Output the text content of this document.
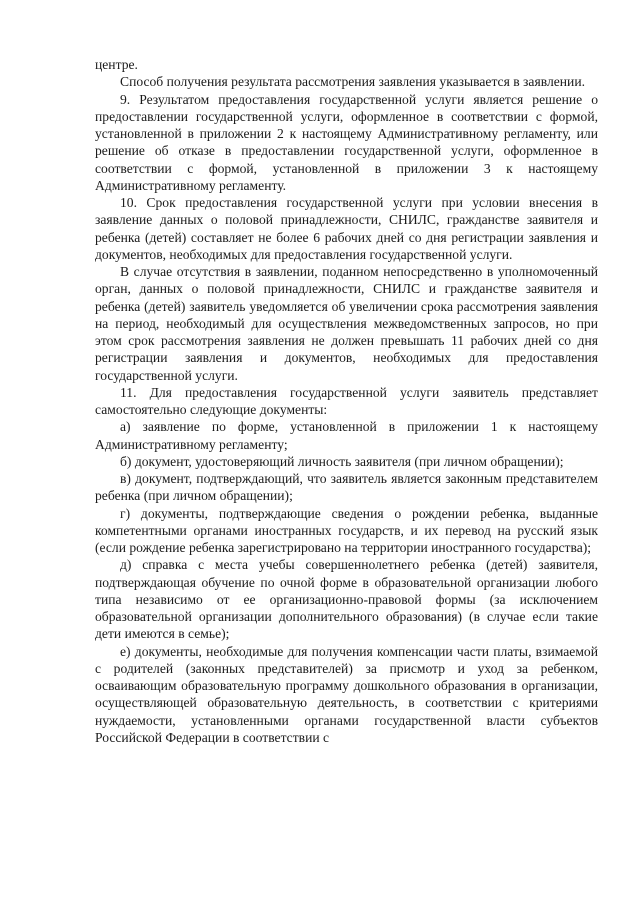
центре.

Способ получения результата рассмотрения заявления указывается в заявлении.

9. Результатом предоставления государственной услуги является решение о предоставлении государственной услуги, оформленное в соответствии с формой, установленной в приложении 2 к настоящему Административному регламенту, или решение об отказе в предоставлении государственной услуги, оформленное в соответствии с формой, установленной в приложении 3 к настоящему Административному регламенту.

10. Срок предоставления государственной услуги при условии внесения в заявление данных о половой принадлежности, СНИЛС, гражданстве заявителя и ребенка (детей) составляет не более 6 рабочих дней со дня регистрации заявления и документов, необходимых для предоставления государственной услуги.

В случае отсутствия в заявлении, поданном непосредственно в уполномоченный орган, данных о половой принадлежности, СНИЛС и гражданстве заявителя и ребенка (детей) заявитель уведомляется об увеличении срока рассмотрения заявления на период, необходимый для осуществления межведомственных запросов, но при этом срок рассмотрения заявления не должен превышать 11 рабочих дней со дня регистрации заявления и документов, необходимых для предоставления государственной услуги.

11. Для предоставления государственной услуги заявитель представляет самостоятельно следующие документы:

а) заявление по форме, установленной в приложении 1 к настоящему Административному регламенту;

б) документ, удостоверяющий личность заявителя (при личном обращении);

в) документ, подтверждающий, что заявитель является законным представителем ребенка (при личном обращении);

г) документы, подтверждающие сведения о рождении ребенка, выданные компетентными органами иностранных государств, и их перевод на русский язык (если рождение ребенка зарегистрировано на территории иностранного государства);

д) справка с места учебы совершеннолетнего ребенка (детей) заявителя, подтверждающая обучение по очной форме в образовательной организации любого типа независимо от ее организационно-правовой формы (за исключением образовательной организации дополнительного образования) (в случае если такие дети имеются в семье);

е) документы, необходимые для получения компенсации части платы, взимаемой с родителей (законных представителей) за присмотр и уход за ребенком, осваивающим образовательную программу дошкольного образования в организации, осуществляющей образовательную деятельность, в соответствии с критериями нуждаемости, установленными органами государственной власти субъектов Российской Федерации в соответствии с
